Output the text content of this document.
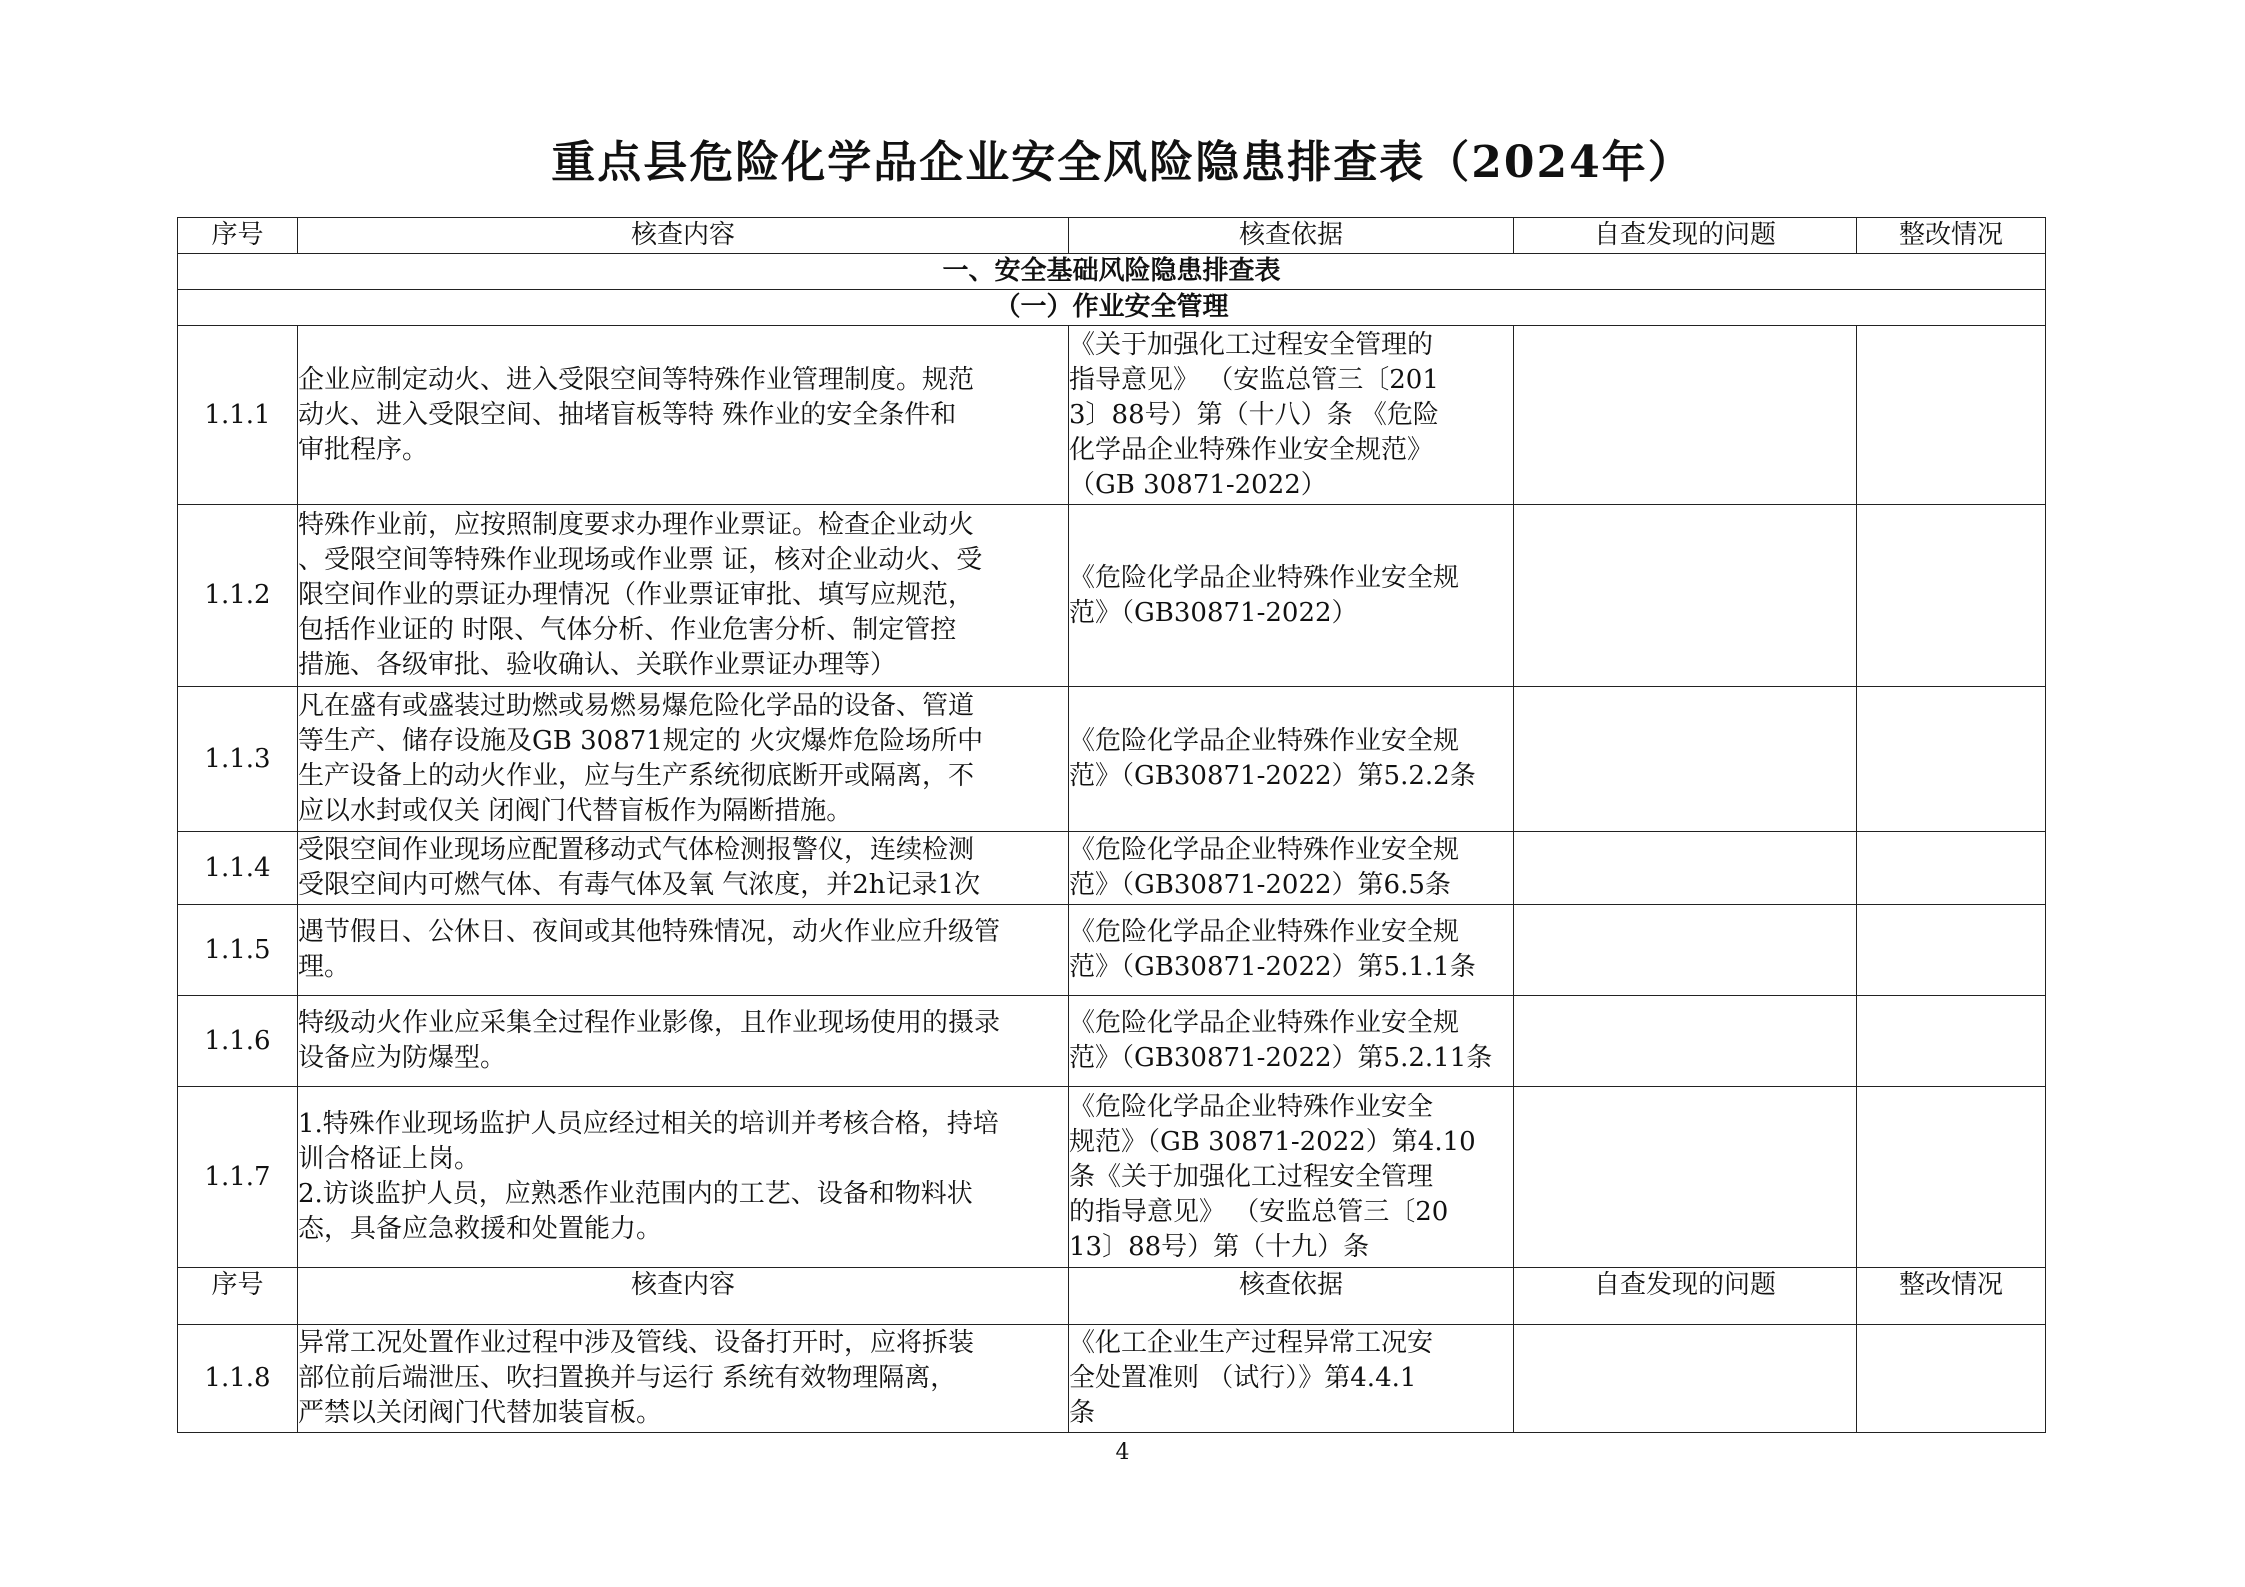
重点县危险化学品企业安全风险隐患排查表（2024年）
序号	核查内容	核查依据	自查发现的问题	整改情况
一、安全基础风险隐患排查表				
（一）作业安全管理				
1.1.1	企业应制定动火、进入受限空间等特殊作业管理制度。规范
动火、进入受限空间、抽堵盲板等特 殊作业的安全条件和
审批程序。	《关于加强化工过程安全管理的
指导意见》 （安监总管三〔201
3〕88号）第（十八）条 《危险
化学品企业特殊作业安全规范》
（GB 30871-2022）		
1.1.2	特殊作业前，应按照制度要求办理作业票证。检查企业动火
、受限空间等特殊作业现场或作业票 证，核对企业动火、受
限空间作业的票证办理情况（作业票证审批、填写应规范，
包括作业证的 时限、气体分析、作业危害分析、制定管控
措施、各级审批、验收确认、关联作业票证办理等）	《危险化学品企业特殊作业安全规
范》（GB30871-2022）		
1.1.3	凡在盛有或盛装过助燃或易燃易爆危险化学品的设备、管道
等生产、储存设施及GB 30871规定的 火灾爆炸危险场所中
生产设备上的动火作业，应与生产系统彻底断开或隔离，不
应以水封或仅关 闭阀门代替盲板作为隔断措施。	《危险化学品企业特殊作业安全规
范》（GB30871-2022）第5.2.2条		
1.1.4	受限空间作业现场应配置移动式气体检测报警仪，连续检测
受限空间内可燃气体、有毒气体及氧 气浓度，并2h记录1次	《危险化学品企业特殊作业安全规
范》（GB30871-2022）第6.5条		
1.1.5	遇节假日、公休日、夜间或其他特殊情况，动火作业应升级管
理。	《危险化学品企业特殊作业安全规
范》（GB30871-2022）第5.1.1条		
1.1.6	特级动火作业应采集全过程作业影像，且作业现场使用的摄录
设备应为防爆型。	《危险化学品企业特殊作业安全规
范》（GB30871-2022）第5.2.11条		
1.1.7	1.特殊作业现场监护人员应经过相关的培训并考核合格，持培
训合格证上岗。
2.访谈监护人员，应熟悉作业范围内的工艺、设备和物料状
态，具备应急救援和处置能力。	《危险化学品企业特殊作业安全
规范》（GB 30871-2022）第4.10
条《关于加强化工过程安全管理
的指导意见》 （安监总管三〔20
13〕88号）第（十九）条		
序号	核查内容	核查依据	自查发现的问题	整改情况
1.1.8	异常工况处置作业过程中涉及管线、设备打开时，应将拆装
部位前后端泄压、吹扫置换并与运行 系统有效物理隔离，
严禁以关闭阀门代替加装盲板。	《化工企业生产过程异常工况安
全处置准则 （试行）》第4.4.1
条		
4
